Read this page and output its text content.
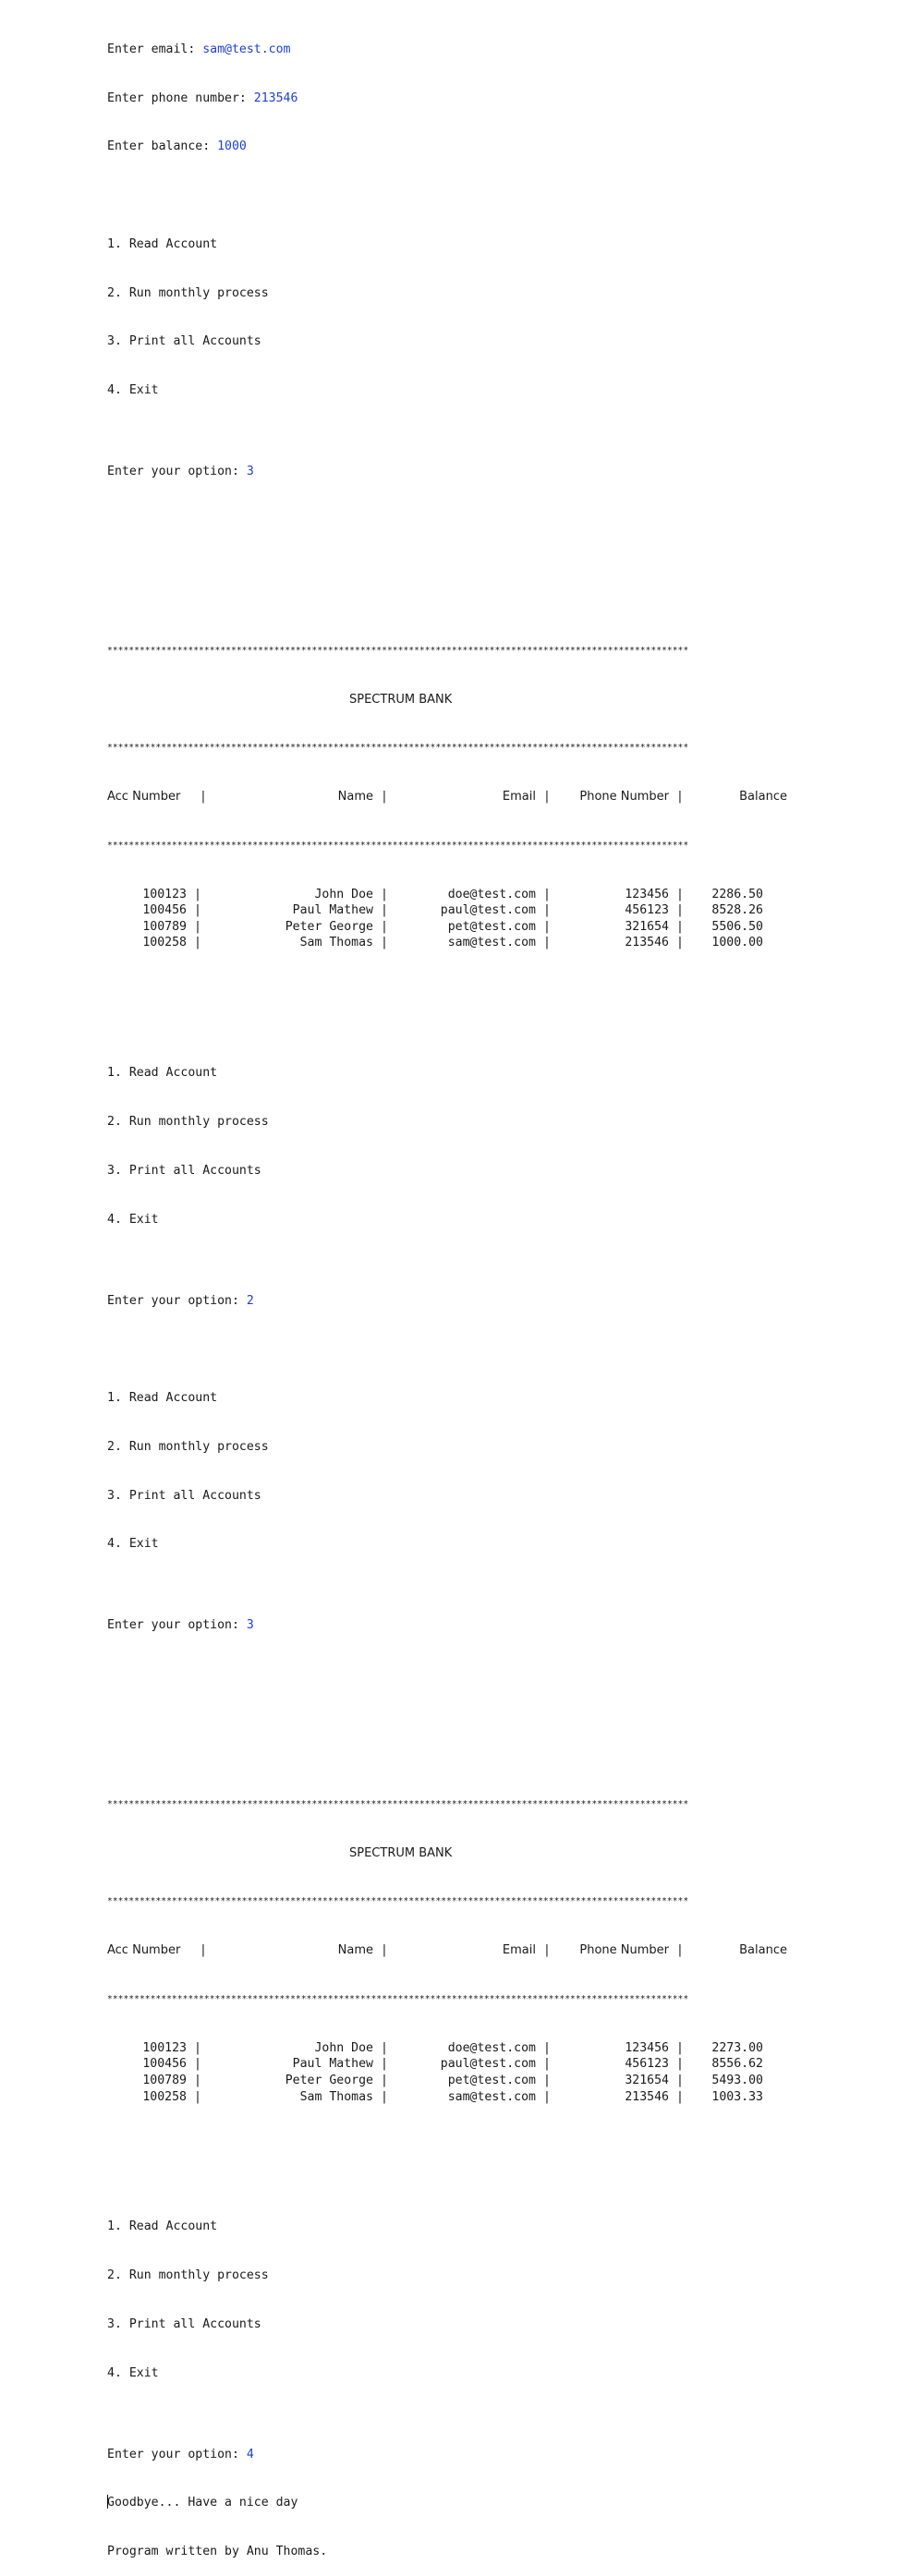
Enter email: sam@test.com

Enter phone number: 213546

Enter balance: 1000

1. Read Account

2. Run monthly process

3. Print all Accounts

4. Exit

Enter your option: 3

************************************************************************************************************

SPECTRUM BANK

************************************************************************************************************

Acc Number	|	Name |	Email |	Phone Number |	Balance

************************************************************************************************************

100123 |	John Doe |	doe@test.com |	123456 |	2286.50
100456 |	Paul Mathew |	paul@test.com |	456123 |	8528.26
100789 |	Peter George |	pet@test.com |	321654 |	5506.50
100258 |	Sam Thomas |	sam@test.com |	213546 |	1000.00

1. Read Account

2. Run monthly process

3. Print all Accounts

4. Exit

Enter your option: 2

1. Read Account

2. Run monthly process

3. Print all Accounts

4. Exit

Enter your option: 3

************************************************************************************************************

SPECTRUM BANK

************************************************************************************************************

Acc Number	|	Name |	Email |	Phone Number |	Balance

************************************************************************************************************

100123 |	John Doe |	doe@test.com |	123456 |	2273.00
100456 |	Paul Mathew |	paul@test.com |	456123 |	8556.62
100789 |	Peter George |	pet@test.com |	321654 |	5493.00
100258 |	Sam Thomas |	sam@test.com |	213546 |	1003.33

1. Read Account

2. Run monthly process

3. Print all Accounts

4. Exit

Enter your option: 4

Goodbye... Have a nice day

Program written by Anu Thomas.
